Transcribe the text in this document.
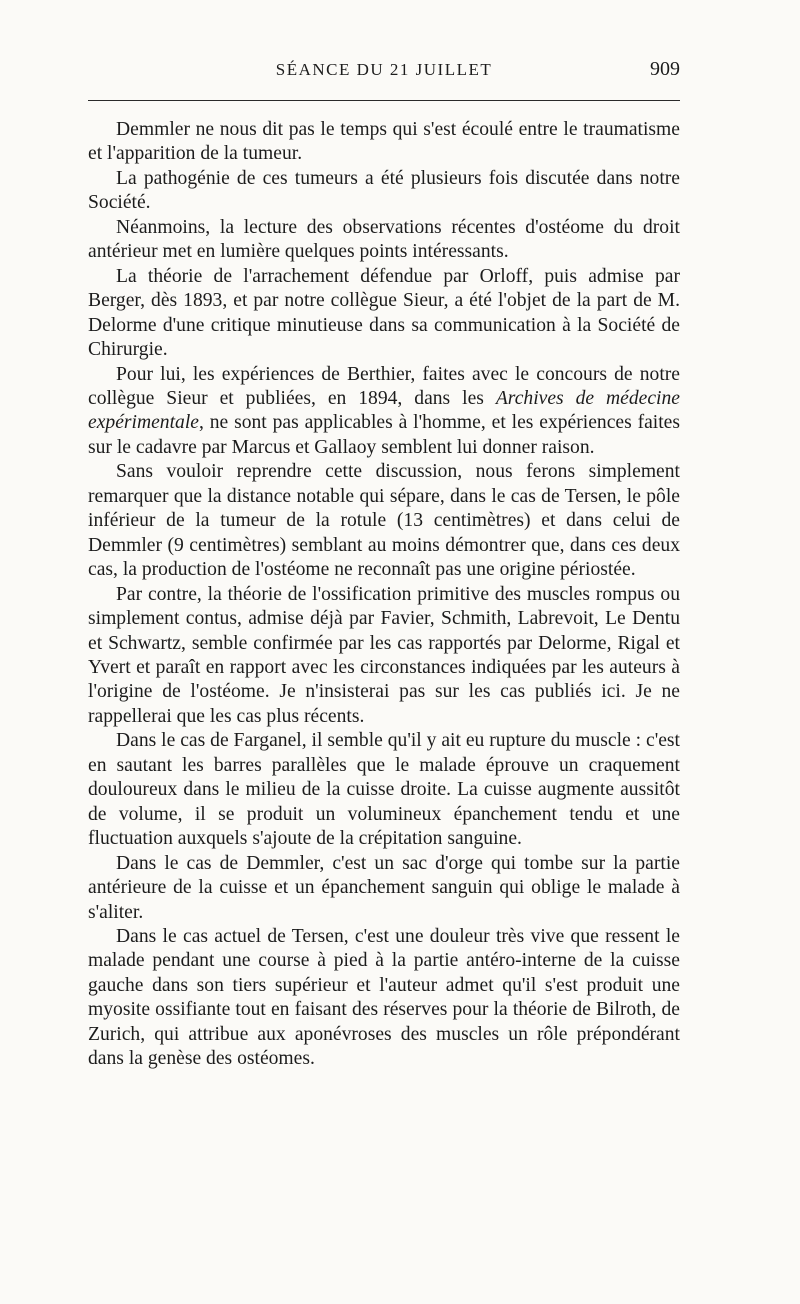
SÉANCE DU 21 JUILLET	909

Demmler ne nous dit pas le temps qui s'est écoulé entre le traumatisme et l'apparition de la tumeur.

La pathogénie de ces tumeurs a été plusieurs fois discutée dans notre Société.

Néanmoins, la lecture des observations récentes d'ostéome du droit antérieur met en lumière quelques points intéressants.

La théorie de l'arrachement défendue par Orloff, puis admise par Berger, dès 1893, et par notre collègue Sieur, a été l'objet de la part de M. Delorme d'une critique minutieuse dans sa communication à la Société de Chirurgie.

Pour lui, les expériences de Berthier, faites avec le concours de notre collègue Sieur et publiées, en 1894, dans les Archives de médecine expérimentale, ne sont pas applicables à l'homme, et les expériences faites sur le cadavre par Marcus et Gallaoy semblent lui donner raison.

Sans vouloir reprendre cette discussion, nous ferons simplement remarquer que la distance notable qui sépare, dans le cas de Tersen, le pôle inférieur de la tumeur de la rotule (13 centimètres) et dans celui de Demmler (9 centimètres) semblant au moins démontrer que, dans ces deux cas, la production de l'ostéome ne reconnaît pas une origine périostée.

Par contre, la théorie de l'ossification primitive des muscles rompus ou simplement contus, admise déjà par Favier, Schmith, Labrevoit, Le Dentu et Schwartz, semble confirmée par les cas rapportés par Delorme, Rigal et Yvert et paraît en rapport avec les circonstances indiquées par les auteurs à l'origine de l'ostéome. Je n'insisterai pas sur les cas publiés ici. Je ne rappellerai que les cas plus récents.

Dans le cas de Farganel, il semble qu'il y ait eu rupture du muscle : c'est en sautant les barres parallèles que le malade éprouve un craquement douloureux dans le milieu de la cuisse droite. La cuisse augmente aussitôt de volume, il se produit un volumineux épanchement tendu et une fluctuation auxquels s'ajoute de la crépitation sanguine.

Dans le cas de Demmler, c'est un sac d'orge qui tombe sur la partie antérieure de la cuisse et un épanchement sanguin qui oblige le malade à s'aliter.

Dans le cas actuel de Tersen, c'est une douleur très vive que ressent le malade pendant une course à pied à la partie antéro-interne de la cuisse gauche dans son tiers supérieur et l'auteur admet qu'il s'est produit une myosite ossifiante tout en faisant des réserves pour la théorie de Bilroth, de Zurich, qui attribue aux aponévroses des muscles un rôle prépondérant dans la genèse des ostéomes.
